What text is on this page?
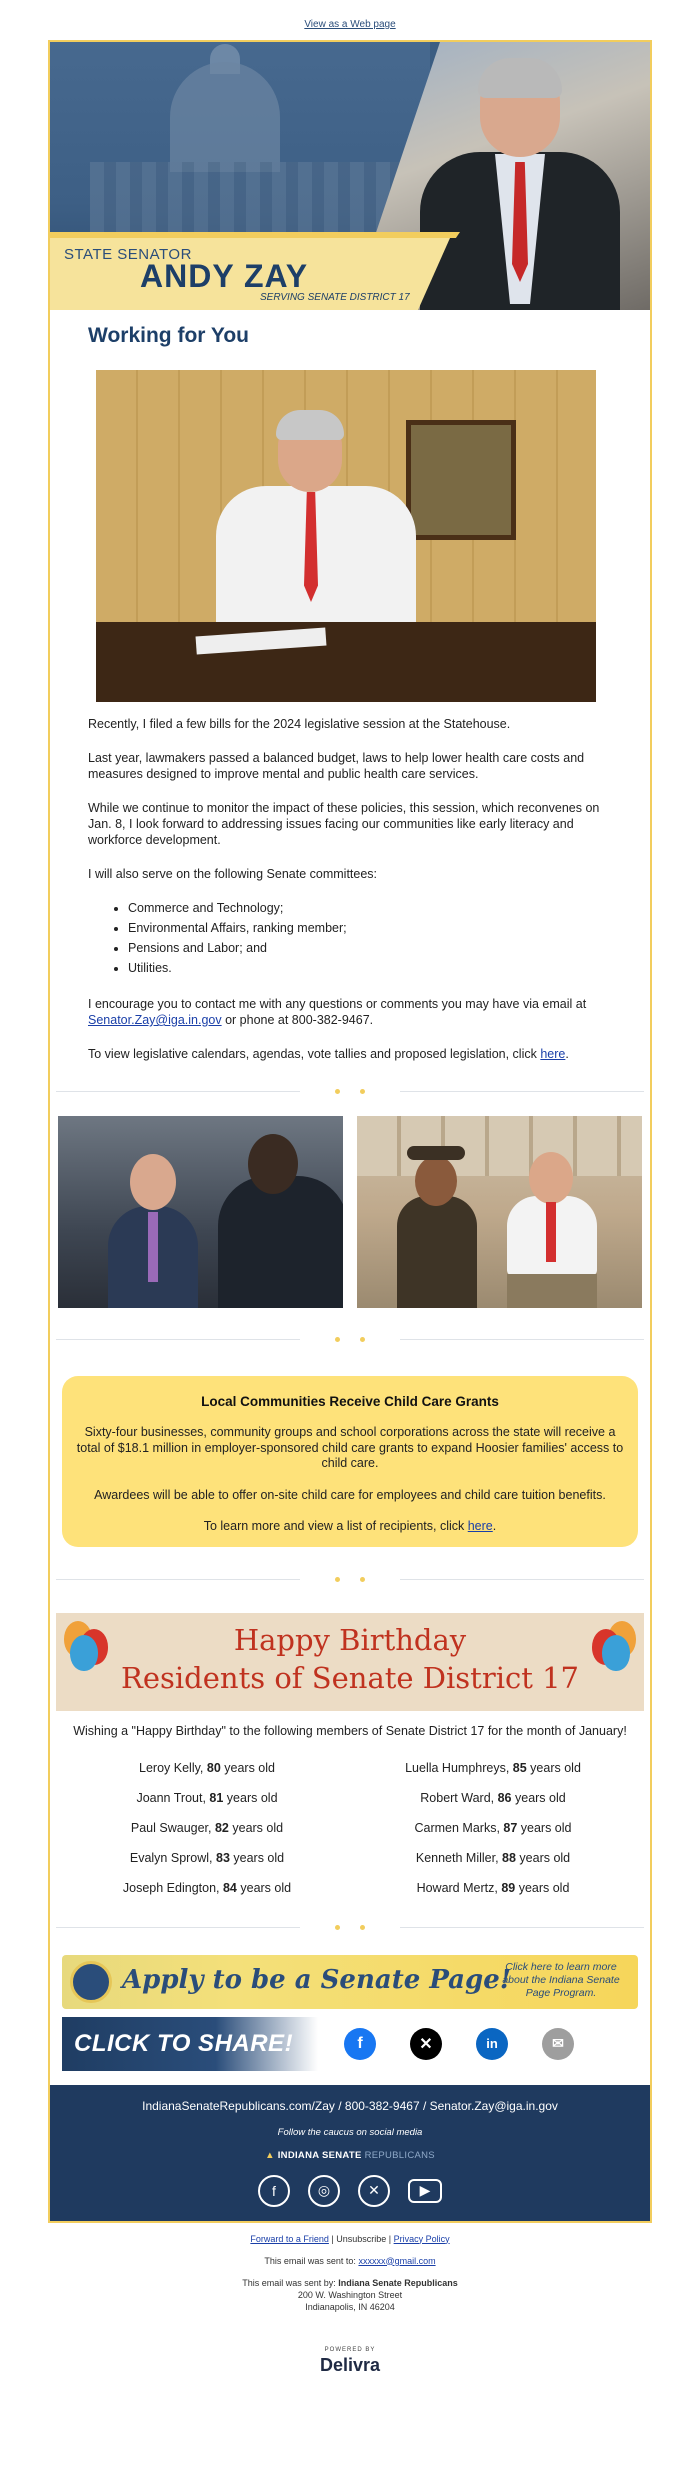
View as a Web page
STATE SENATOR
ANDY ZAY
SERVING SENATE DISTRICT 17
Working for You

Recently, I filed a few bills for the 2024 legislative session at the Statehouse.

Last year, lawmakers passed a balanced budget, laws to help lower health care costs and measures designed to improve mental and public health care services.

While we continue to monitor the impact of these policies, this session, which reconvenes on Jan. 8, I look forward to addressing issues facing our communities like early literacy and workforce development.

I will also serve on the following Senate committees:

• Commerce and Technology;
• Environmental Affairs, ranking member;
• Pensions and Labor; and
• Utilities.

I encourage you to contact me with any questions or comments you may have via email at Senator.Zay@iga.in.gov or phone at 800-382-9467.

To view legislative calendars, agendas, vote tallies and proposed legislation, click here.

Local Communities Receive Child Care Grants

Sixty-four businesses, community groups and school corporations across the state will receive a total of $18.1 million in employer-sponsored child care grants to expand Hoosier families' access to child care.

Awardees will be able to offer on-site child care for employees and child care tuition benefits.

To learn more and view a list of recipients, click here.

Happy Birthday
Residents of Senate District 17

Wishing a "Happy Birthday" to the following members of Senate District 17 for the month of January!

Leroy Kelly, 80 years old	Luella Humphreys, 85 years old
Joann Trout, 81 years old	Robert Ward, 86 years old
Paul Swauger, 82 years old	Carmen Marks, 87 years old
Evalyn Sprowl, 83 years old	Kenneth Miller, 88 years old
Joseph Edington, 84 years old	Howard Mertz, 89 years old
Apply to be a Senate Page!
Click here to learn more about the Indiana Senate Page Program.
CLICK TO SHARE!	f	✕	in	✉
IndianaSenateRepublicans.com/Zay / 800-382-9467 / Senator.Zay@iga.in.gov
Follow the caucus on social media
▲ INDIANA SENATE REPUBLICANS
f	◎	✕	▶
Forward to a Friend | Unsubscribe | Privacy Policy
This email was sent to: xxxxxx@gmail.com
This email was sent by: Indiana Senate Republicans
200 W. Washington Street
Indianapolis, IN 46204
POWERED BY
Delivra
